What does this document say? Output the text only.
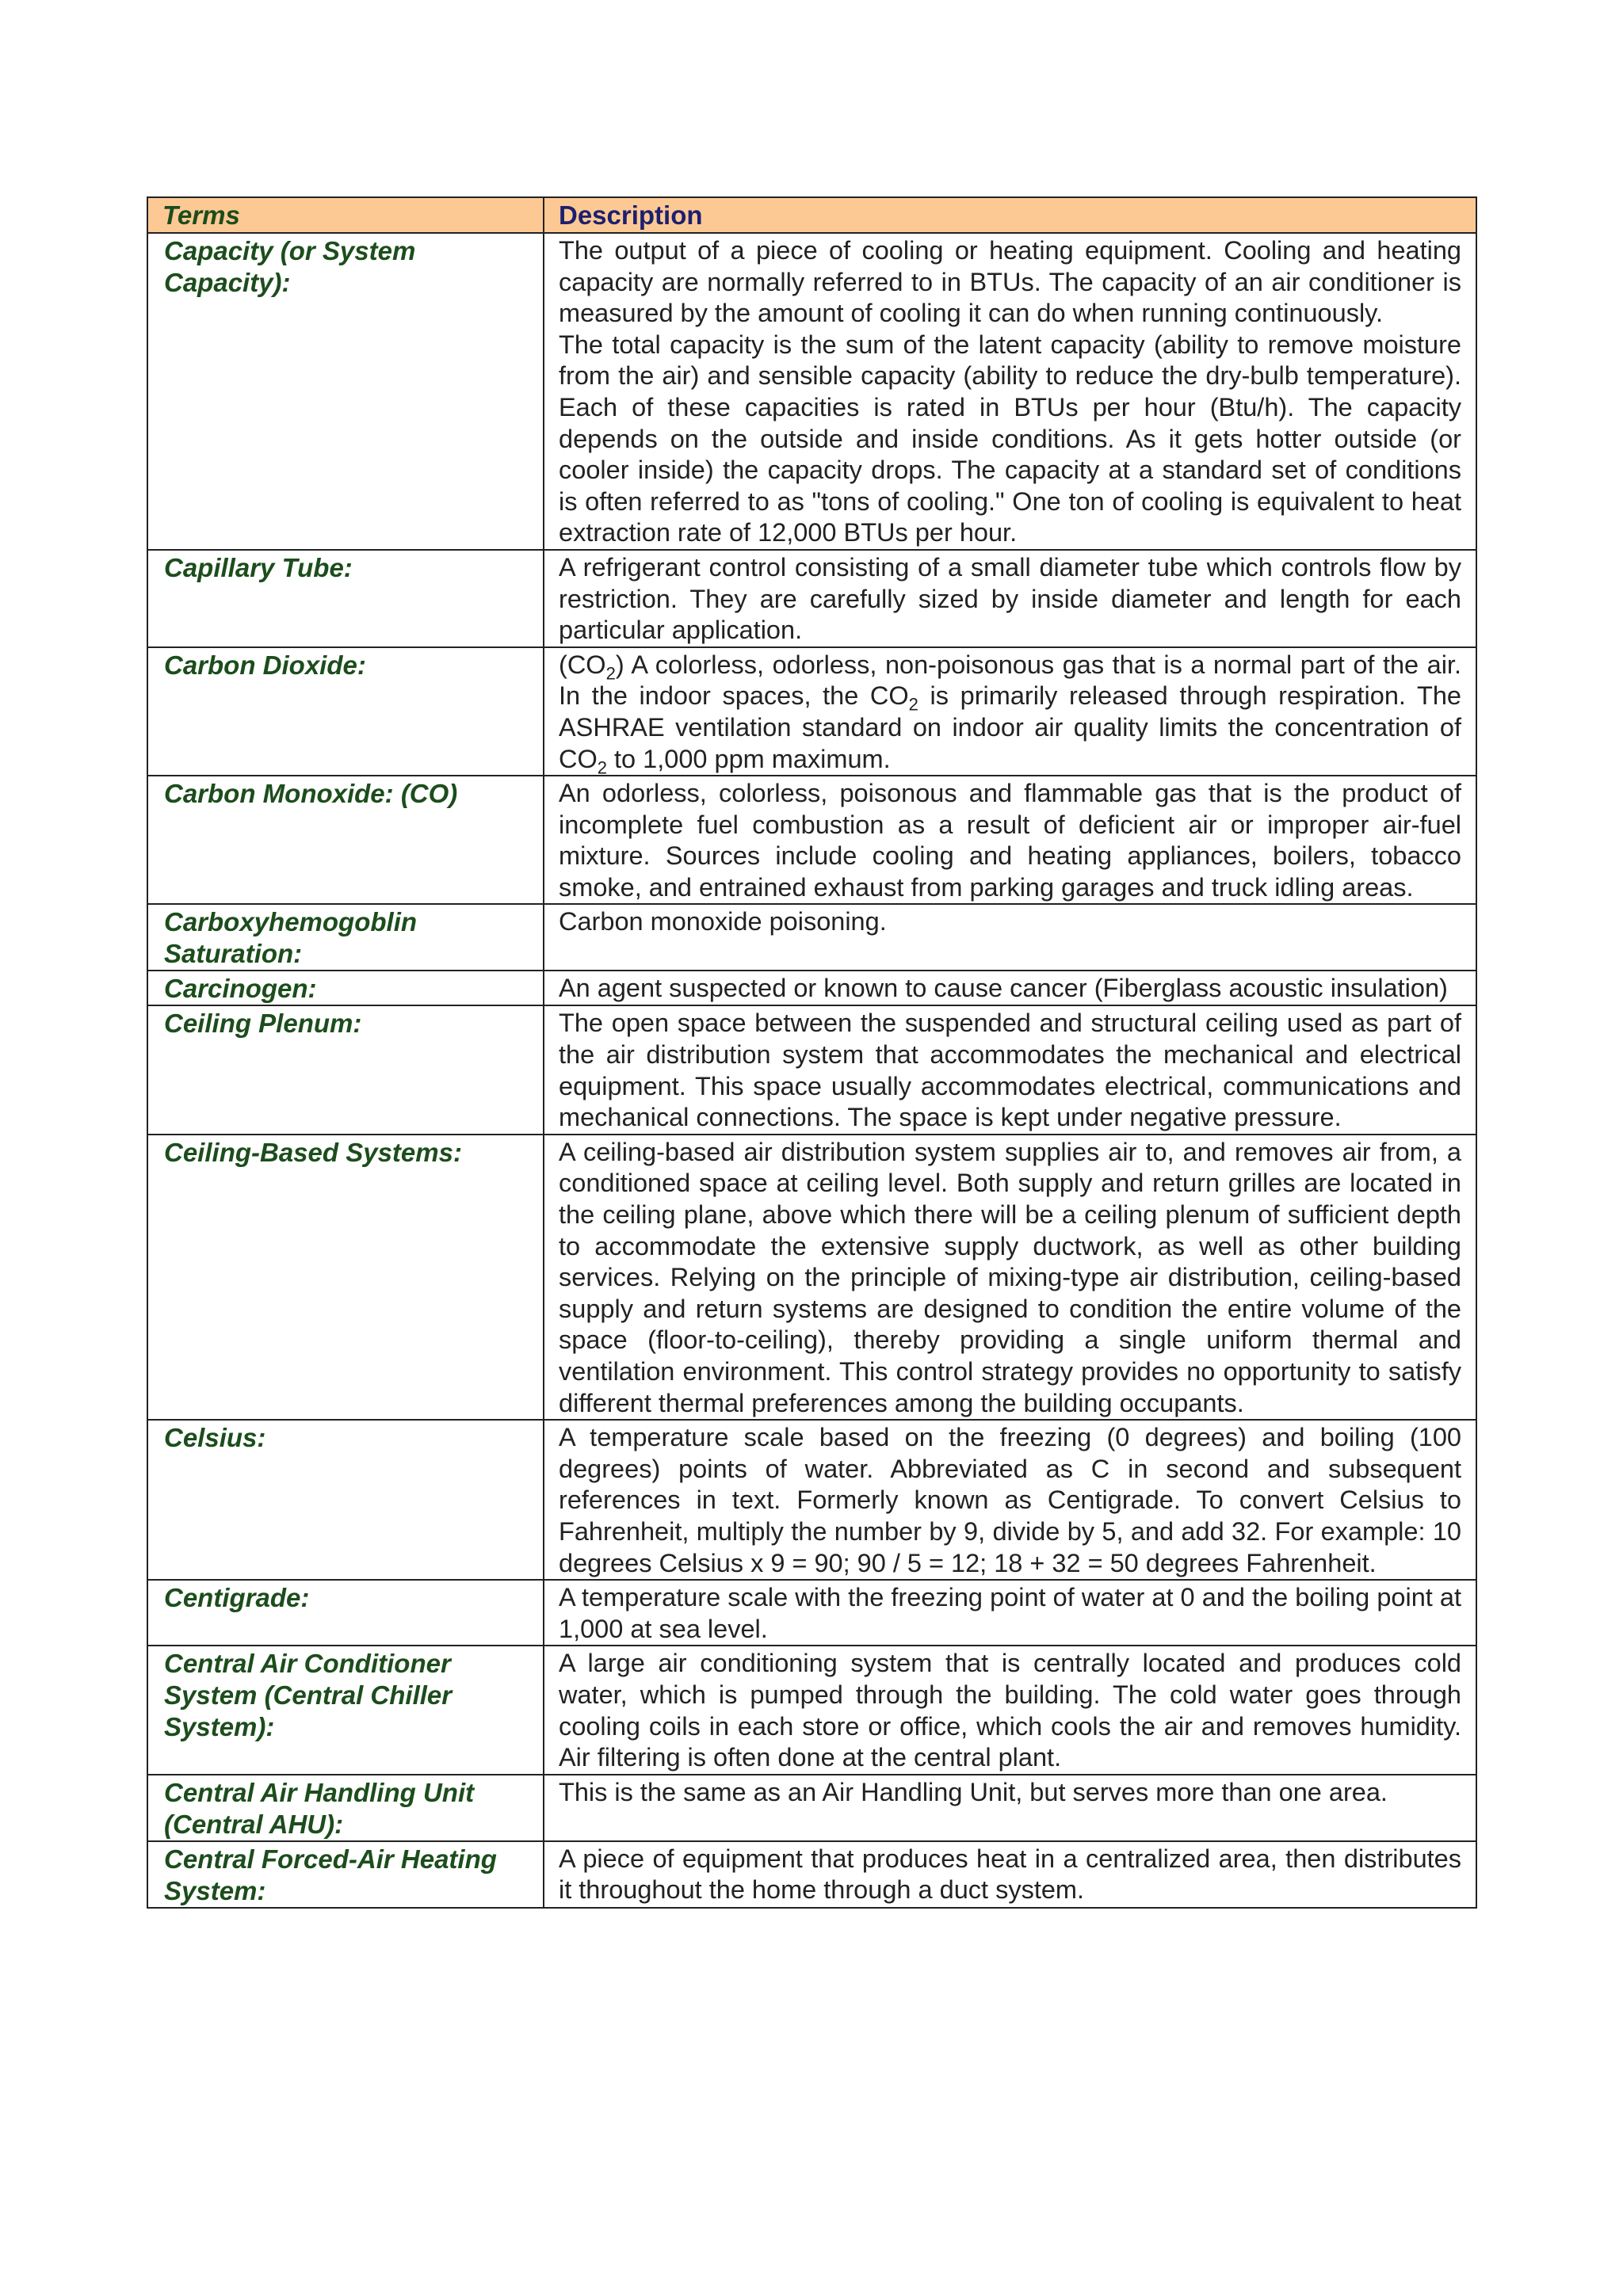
Terms	Description
Capacity (or System Capacity):	The output of a piece of cooling or heating equipment. Cooling and heating capacity are normally referred to in BTUs. The capacity of an air conditioner is measured by the amount of cooling it can do when running continuously.

The total capacity is the sum of the latent capacity (ability to remove moisture from the air) and sensible capacity (ability to reduce the dry-bulb temperature). Each of these capacities is rated in BTUs per hour (Btu/h). The capacity depends on the outside and inside conditions. As it gets hotter outside (or cooler inside) the capacity drops. The capacity at a standard set of conditions is often referred to as "tons of cooling." One ton of cooling is equivalent to heat extraction rate of 12,000 BTUs per hour.

Capillary Tube:	A refrigerant control consisting of a small diameter tube which controls flow by restriction. They are carefully sized by inside diameter and length for each particular application.

Carbon Dioxide:	$(CO_2)$ A colorless, odorless, non-poisonous gas that is a normal part of the air. In the indoor spaces, the $CO_2$ is primarily released through respiration. The ASHRAE ventilation standard on indoor air quality limits the concentration of $CO_2$ to 1,000 ppm maximum.

Carbon Monoxide: (CO)	An odorless, colorless, poisonous and flammable gas that is the product of incomplete fuel combustion as a result of deficient air or improper air-fuel mixture. Sources include cooling and heating appliances, boilers, tobacco smoke, and entrained exhaust from parking garages and truck idling areas.

Carboxyhemogoblin Saturation:	Carbon monoxide poisoning.

Carcinogen:	An agent suspected or known to cause cancer (Fiberglass acoustic insulation)

Ceiling Plenum:	The open space between the suspended and structural ceiling used as part of the air distribution system that accommodates the mechanical and electrical equipment. This space usually accommodates electrical, communications and mechanical connections. The space is kept under negative pressure.

Ceiling-Based Systems:	A ceiling-based air distribution system supplies air to, and removes air from, a conditioned space at ceiling level. Both supply and return grilles are located in the ceiling plane, above which there will be a ceiling plenum of sufficient depth to accommodate the extensive supply ductwork, as well as other building services. Relying on the principle of mixing-type air distribution, ceiling-based supply and return systems are designed to condition the entire volume of the space (floor-to-ceiling), thereby providing a single uniform thermal and ventilation environment. This control strategy provides no opportunity to satisfy different thermal preferences among the building occupants.

Celsius:	A temperature scale based on the freezing (0 degrees) and boiling (100 degrees) points of water. Abbreviated as C in second and subsequent references in text. Formerly known as Centigrade. To convert Celsius to Fahrenheit, multiply the number by 9, divide by 5, and add 32. For example: 10 degrees Celsius x 9 = 90; 90 / 5 = 12; 18 + 32 = 50 degrees Fahrenheit.

Centigrade:	A temperature scale with the freezing point of water at 0 and the boiling point at 1,000 at sea level.

Central Air Conditioner System (Central Chiller System):	A large air conditioning system that is centrally located and produces cold water, which is pumped through the building. The cold water goes through cooling coils in each store or office, which cools the air and removes humidity. Air filtering is often done at the central plant.

Central Air Handling Unit (Central AHU):	This is the same as an Air Handling Unit, but serves more than one area.

Central Forced-Air Heating System:	A piece of equipment that produces heat in a centralized area, then distributes it throughout the home through a duct system.
